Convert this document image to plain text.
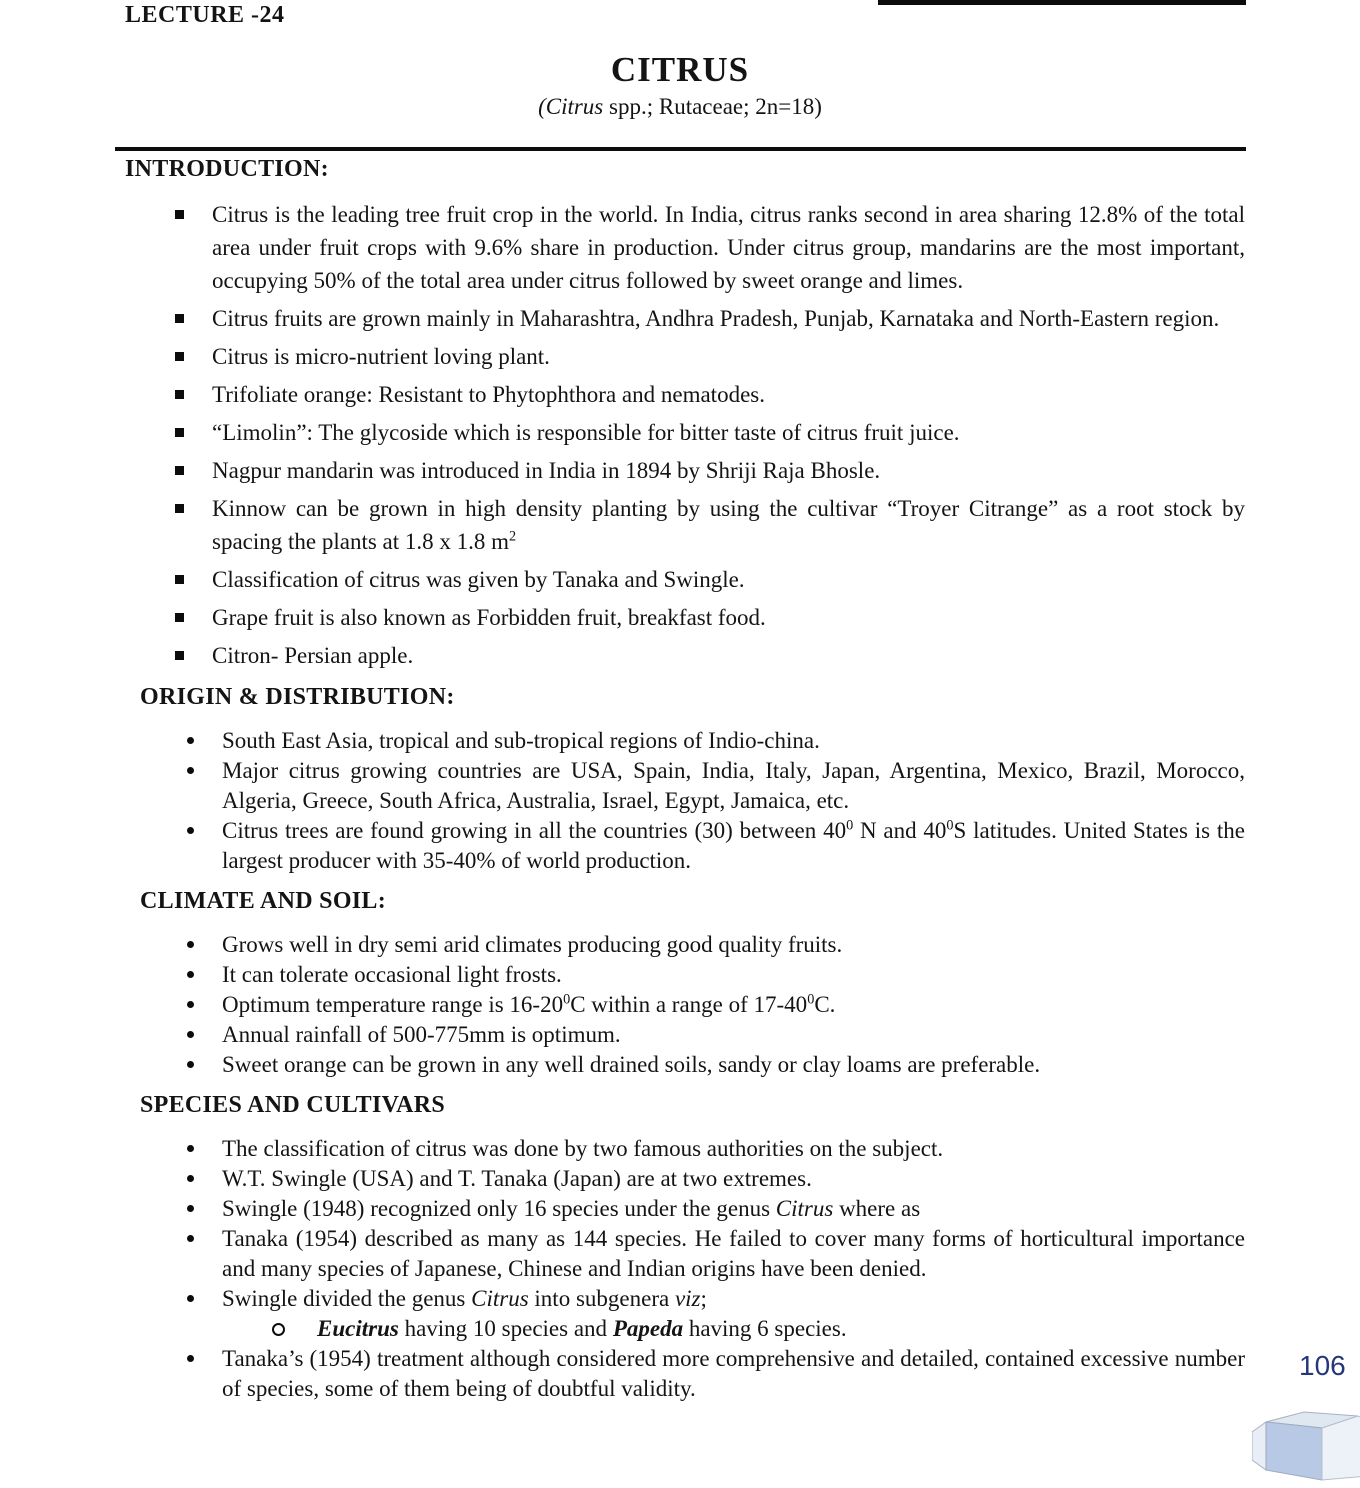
LECTURE -24
CITRUS
(Citrus spp.; Rutaceae; 2n=18)
INTRODUCTION:
Citrus is the leading tree fruit crop in the world. In India, citrus ranks second in area sharing 12.8% of the total area under fruit crops with 9.6% share in production. Under citrus group, mandarins are the most important, occupying 50% of the total area under citrus followed by sweet orange and limes.
Citrus fruits are grown mainly in Maharashtra, Andhra Pradesh, Punjab, Karnataka and North-Eastern region.
Citrus is micro-nutrient loving plant.
Trifoliate orange: Resistant to Phytophthora and nematodes.
“Limolin”: The glycoside which is responsible for bitter taste of citrus fruit juice.
Nagpur mandarin was introduced in India in 1894 by Shriji Raja Bhosle.
Kinnow can be grown in high density planting by using the cultivar “Troyer Citrange” as a root stock by spacing the plants at 1.8 x 1.8 $m^2$
Classification of citrus was given by Tanaka and Swingle.
Grape fruit is also known as Forbidden fruit, breakfast food.
Citron- Persian apple.
ORIGIN & DISTRIBUTION:
South East Asia, tropical and sub-tropical regions of Indio-china.
Major citrus growing countries are USA, Spain, India, Italy, Japan, Argentina, Mexico, Brazil, Morocco, Algeria, Greece, South Africa, Australia, Israel, Egypt, Jamaica, etc.
Citrus trees are found growing in all the countries (30) between $40^0$ N and $40^0S$ latitudes. United States is the largest producer with 35-40% of world production.
CLIMATE AND SOIL:
Grows well in dry semi arid climates producing good quality fruits.
It can tolerate occasional light frosts.
Optimum temperature range is $16-20^0C$ within a range of $17-40^0C$.
Annual rainfall of 500-775mm is optimum.
Sweet orange can be grown in any well drained soils, sandy or clay loams are preferable.
SPECIES AND CULTIVARS
The classification of citrus was done by two famous authorities on the subject.
W.T. Swingle (USA) and T. Tanaka (Japan) are at two extremes.
Swingle (1948) recognized only 16 species under the genus Citrus where as
Tanaka (1954) described as many as 144 species. He failed to cover many forms of horticultural importance and many species of Japanese, Chinese and Indian origins have been denied.
Swingle divided the genus Citrus into subgenera viz;
Eucitrus having 10 species and Papeda having 6 species.
Tanaka’s (1954) treatment although considered more comprehensive and detailed, contained excessive number of species, some of them being of doubtful validity.
106
